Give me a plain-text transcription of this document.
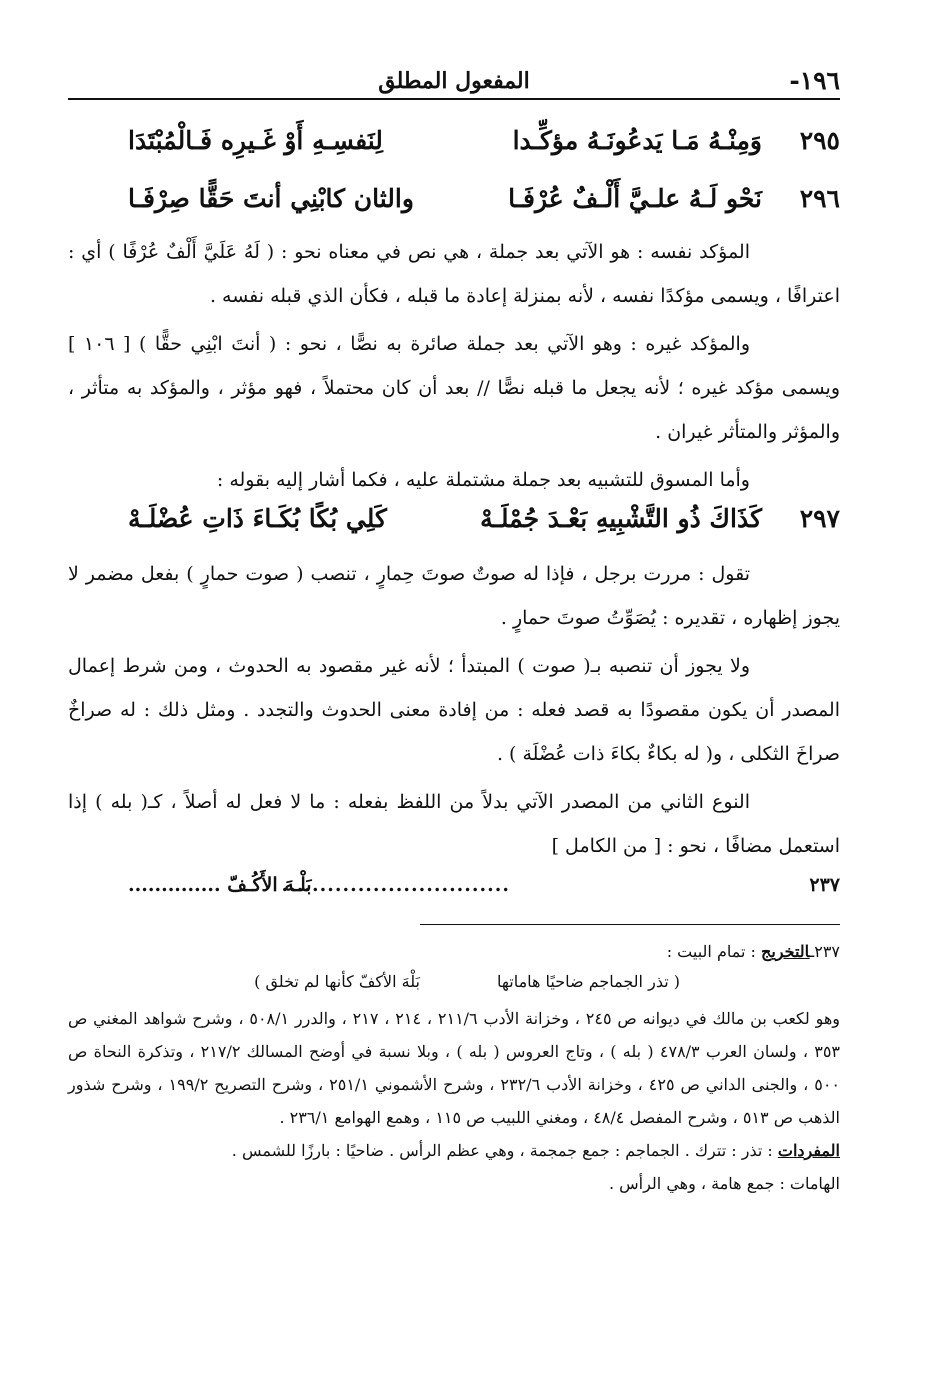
١٩٦-
المفعول المطلق
٢٩٥
وَمِنْـهُ مَـا يَدعُونَـهُ مؤكِّـدا
لِنَفسِـهِ أَوْ غَـيرِه فَـالْمُبْتَدَا
٢٩٦
نَحْو لَـهُ علـيَّ أَلْـفٌ عُرْفَـا
والثان كابْنِي أنتَ حَقًّا صِرْفَـا

المؤكد نفسه : هو الآتي بعد جملة ، هي نص في معناه نحو : ( لَهُ عَلَيَّ أَلْفٌ عُرْفًا ) أي : اعترافًا ، ويسمى مؤكدًا نفسه ، لأنه بمنزلة إعادة ما قبله ، فكأن الذي قبله نفسه .

والمؤكد غيره : وهو الآتي بعد جملة صائرة به نصًّا ، نحو : ( أنتَ ابْنِي حقًّا ) [ ١٠٦ ] ويسمى مؤكد غيره ؛ لأنه يجعل ما قبله نصًّا // بعد أن كان محتملاً ، فهو مؤثر ، والمؤكد به متأثر ، والمؤثر والمتأثر غيران .

وأما المسوق للتشبيه بعد جملة مشتملة عليه ، فكما أشار إليه بقوله :

٢٩٧
كَذَاكَ ذُو التَّشْبِيهِ بَعْـدَ جُمْلَـهْ
كَلِي بُكًا بُكَـاءَ ذَاتِ عُضْلَـهْ

تقول : مررت برجل ، فإذا له صوتٌ صوتَ حِمارٍ ، تنصب ( صوت حمارٍ ) بفعل مضمر لا يجوز إظهاره ، تقديره : يُصَوِّتُ صوتَ حمارٍ .

ولا يجوز أن تنصبه بـ( صوت ) المبتدأ ؛ لأنه غير مقصود به الحدوث ، ومن شرط إعمال المصدر أن يكون مقصودًا به قصد فعله : من إفادة معنى الحدوث والتجدد . ومثل ذلك : له صراخٌ صراخَ الثكلى ، و( له بكاءٌ بكاءَ ذات عُضْلَة ) .

النوع الثاني من المصدر الآتي بدلاً من اللفظ بفعله : ما لا فعل له أصلاً ، كـ( بله ) إذا استعمل مضافًا ، نحو : [ من الكامل ]

٢٣٧
..............................
بَلْـهَ الأَكُـفّ ..............

٢٣٧ـالتخريج : تمام البيت :

( تذر الجماجم ضاحيًا هاماتها
بَلْهَ الأكفّ كأنها لم تخلق )

وهو لكعب بن مالك في ديوانه ص ٢٤٥ ، وخزانة الأدب ٢١١/٦ ، ٢١٤ ، ٢١٧ ، والدرر ٥٠٨/١ ، وشرح شواهد المغني ص ٣٥٣ ، ولسان العرب ٤٧٨/٣ ( بله ) ، وتاج العروس ( بله ) ، وبلا نسبة في أوضح المسالك ٢١٧/٢ ، وتذكرة النحاة ص ٥٠٠ ، والجنى الداني ص ٤٢٥ ، وخزانة الأدب ٢٣٢/٦ ، وشرح الأشموني ٢٥١/١ ، وشرح التصريح ١٩٩/٢ ، وشرح شذور الذهب ص ٥١٣ ، وشرح المفصل ٤٨/٤ ، ومغني اللبيب ص ١١٥ ، وهمع الهوامع ٢٣٦/١ .

المفردات : تذر : تترك . الجماجم : جمع جمجمة ، وهي عظم الرأس . ضاحيًا : بارزًا للشمس .

الهامات : جمع هامة ، وهي الرأس .
